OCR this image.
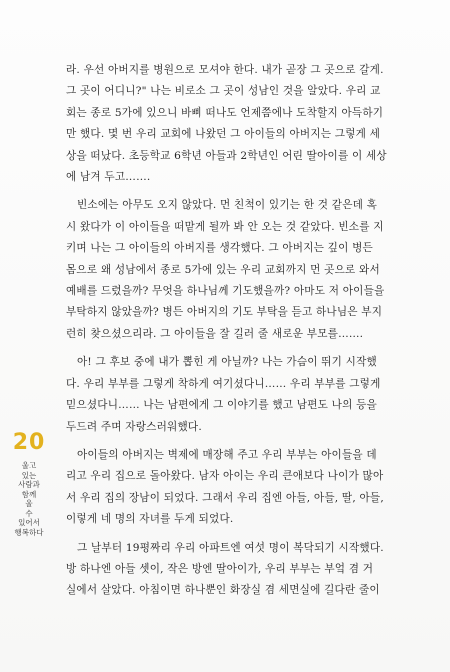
라. 우선 아버지를 병원으로 모셔야 한다. 내가 곧장 그 곳으로 갈게.
그 곳이 어디니?" 나는 비로소 그 곳이 성남인 것을 알았다. 우리 교
회는 종로 5가에 있으니 바삐 떠나도 언제쯤에나 도착할지 아득하기
만 했다. 몇 번 우리 교회에 나왔던 그 아이들의 아버지는 그렇게 세
상을 떠났다. 초등학교 6학년 아들과 2학년인 어린 딸아이를 이 세상
에 남겨 두고…….
빈소에는 아무도 오지 않았다. 먼 친척이 있기는 한 것 같은데 혹
시 왔다가 이 아이들을 떠맡게 될까 봐 안 오는 것 같았다. 빈소를 지
키며 나는 그 아이들의 아버지를 생각했다. 그 아버지는 깊이 병든
몸으로 왜 성남에서 종로 5가에 있는 우리 교회까지 먼 곳으로 와서
예배를 드렸을까? 무엇을 하나님께 기도했을까? 아마도 저 아이들을
부탁하지 않았을까? 병든 아버지의 기도 부탁을 듣고 하나님은 부지
런히 찾으셨으리라. 그 아이들을 잘 길러 줄 새로운 부모를…….
아! 그 후보 중에 내가 뽑힌 게 아닐까? 나는 가슴이 뛰기 시작했
다. 우리 부부를 그렇게 착하게 여기셨다니…… 우리 부부를 그렇게
믿으셨다니…… 나는 남편에게 그 이야기를 했고 남편도 나의 등을
두드려 주며 자랑스러워했다.
아이들의 아버지는 벽제에 매장해 주고 우리 부부는 아이들을 데
리고 우리 집으로 돌아왔다. 남자 아이는 우리 큰애보다 나이가 많아
서 우리 집의 장남이 되었다. 그래서 우리 집엔 아들, 아들, 딸, 아들,
이렇게 네 명의 자녀를 두게 되었다.
그 날부터 19평짜리 우리 아파트엔 여섯 명이 복닥되기 시작했다.
방 하나엔 아들 셋이, 작은 방엔 딸아이가, 우리 부부는 부엌 겸 거
실에서 살았다. 아침이면 하나뿐인 화장실 겸 세면실에 길다란 줄이
20
울고
있는
사람과
함께
울
수
있어서
행복하다
